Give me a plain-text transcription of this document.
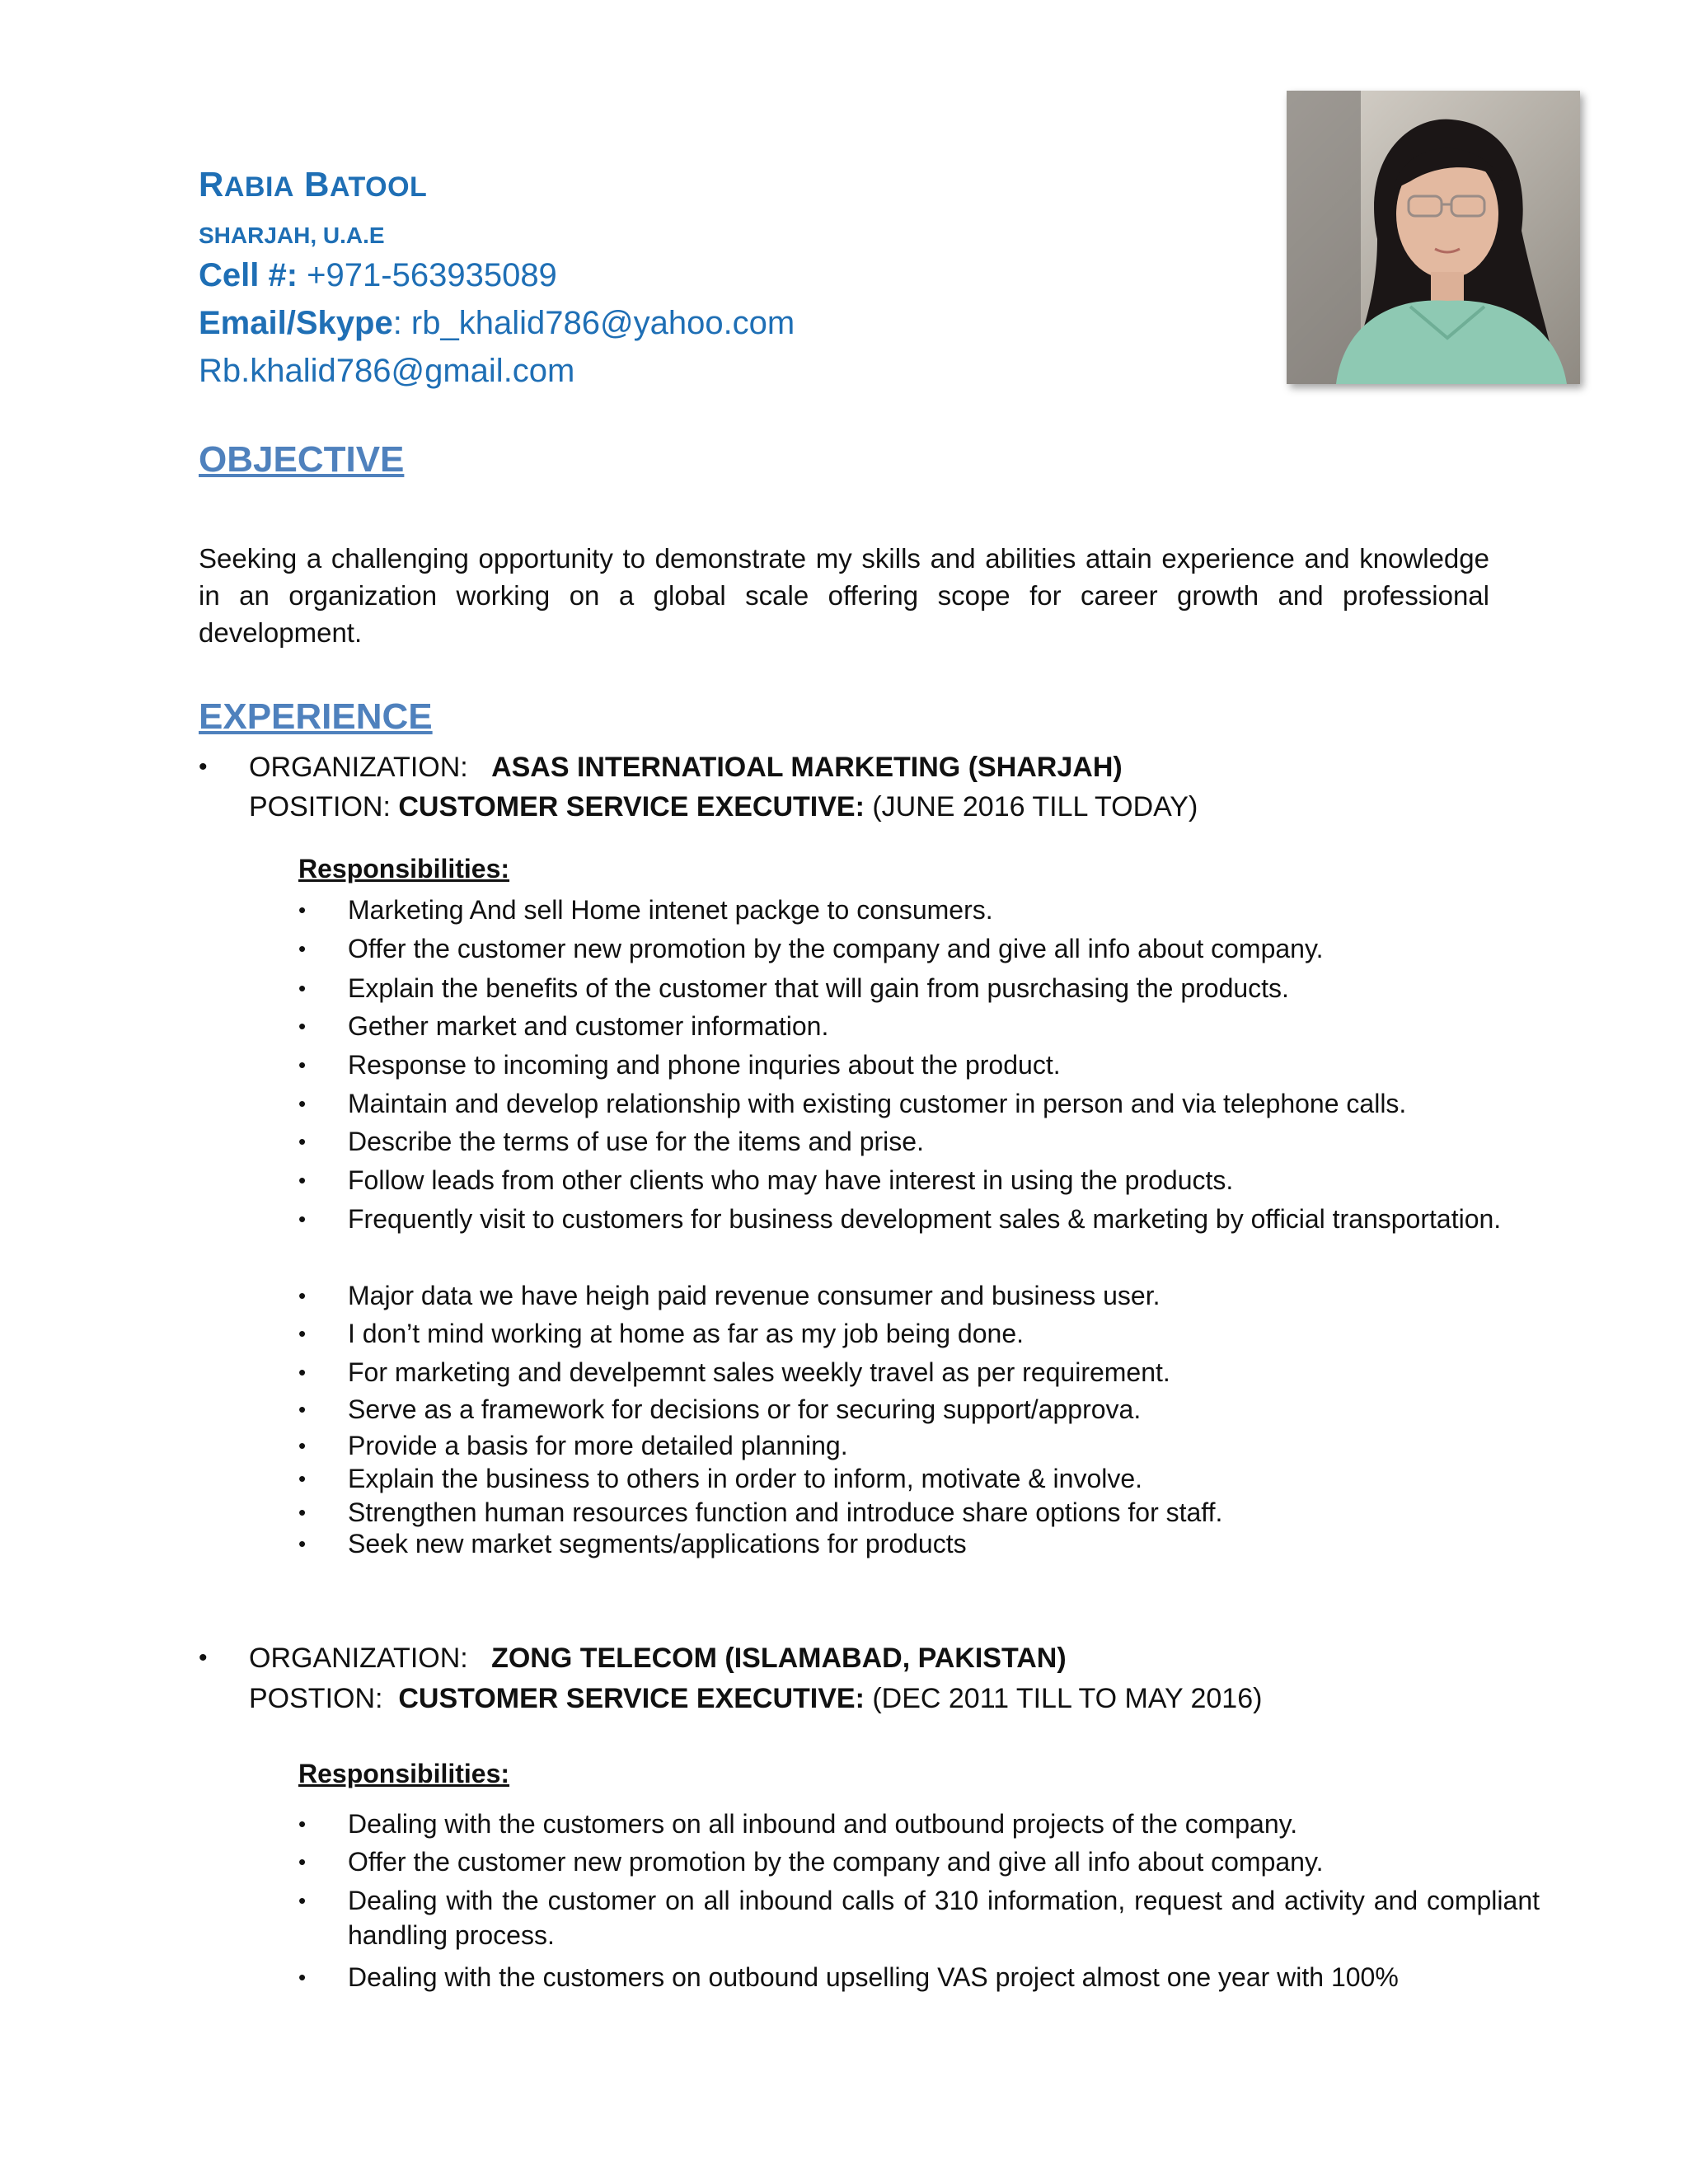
RABIA BATOOL
SHARJAH, U.A.E
Cell #: +971-563935089
Email/Skype: rb_khalid786@yahoo.com
Rb.khalid786@gmail.com
OBJECTIVE

Seeking a challenging opportunity to demonstrate my skills and abilities attain experience and knowledge in an organization working on a global scale offering scope for career growth and professional development.

EXPERIENCE
• ORGANIZATION: ASAS INTERNATIOAL MARKETING (SHARJAH)
POSITION: CUSTOMER SERVICE EXECUTIVE: (JUNE 2016 TILL TODAY)
Responsibilities:
• Marketing And sell Home intenet packge to consumers.
• Offer the customer new promotion by the company and give all info about company.
• Explain the benefits of the customer that will gain from pusrchasing the products.
• Gether market and customer information.
• Response to incoming and phone inquries about the product.
• Maintain and develop relationship with existing customer in person and via telephone calls.
• Describe the terms of use for the items and prise.
• Follow leads from other clients who may have interest in using the products.
• Frequently visit to customers for business development sales & marketing by official transportation.
• Major data we have heigh paid revenue consumer and business user.
• I don’t mind working at home as far as my job being done.
• For marketing and develpemnt sales weekly travel as per requirement.
• Serve as a framework for decisions or for securing support/approva.
• Provide a basis for more detailed planning.
• Explain the business to others in order to inform, motivate & involve.
• Strengthen human resources function and introduce share options for staff.
• Seek new market segments/applications for products
• ORGANIZATION: ZONG TELECOM (ISLAMABAD, PAKISTAN)
POSTION: CUSTOMER SERVICE EXECUTIVE: (DEC 2011 TILL TO MAY 2016)
Responsibilities:
• Dealing with the customers on all inbound and outbound projects of the company.
• Offer the customer new promotion by the company and give all info about company.
• Dealing with the customer on all inbound calls of 310 information, request and activity and compliant handling process.
• Dealing with the customers on outbound upselling VAS project almost one year with 100%
